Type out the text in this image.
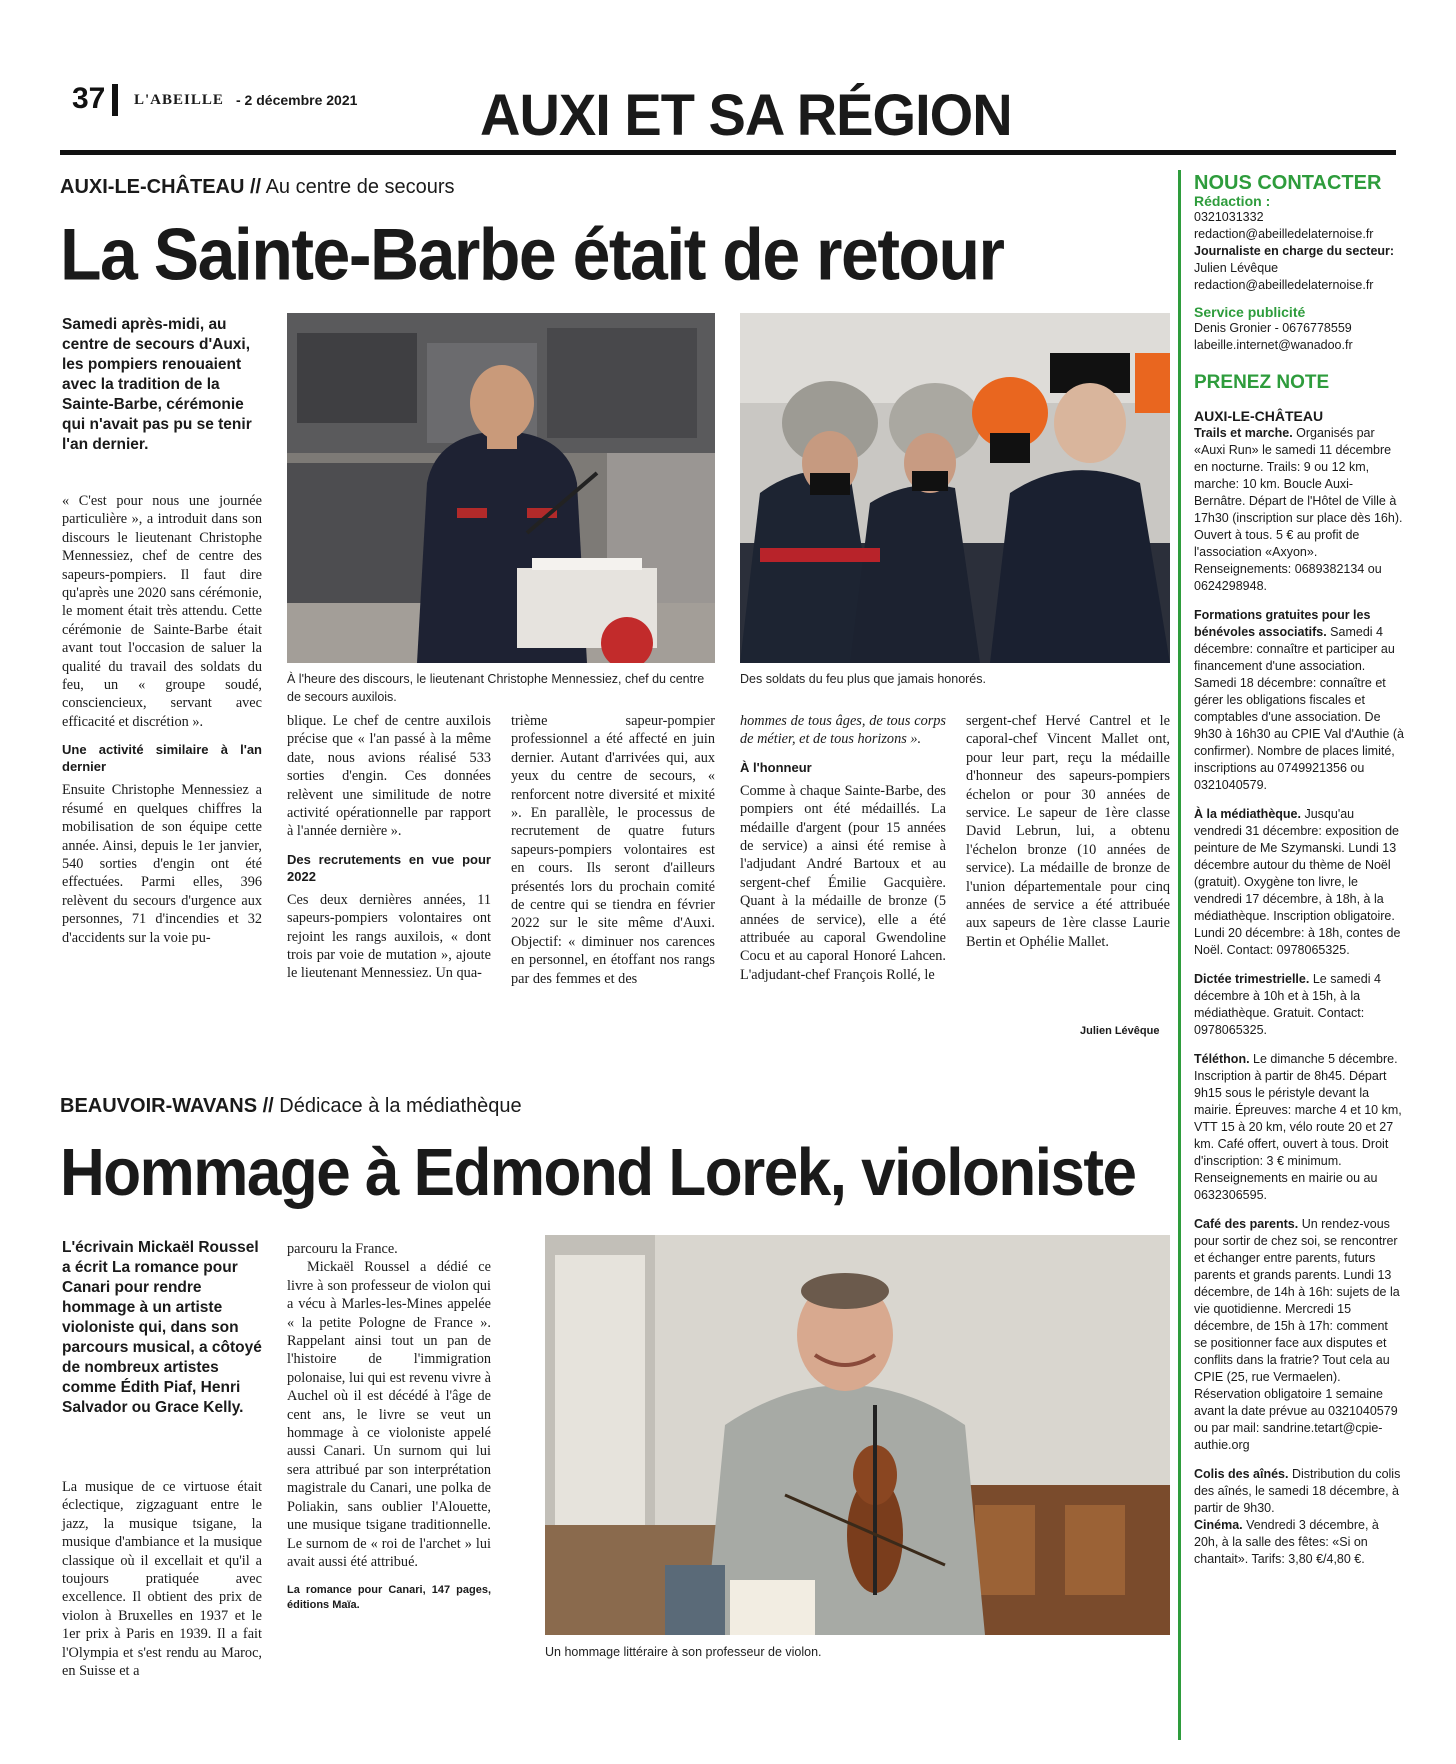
37 L'ABEILLE - 2 décembre 2021 AUXI ET SA RÉGION
AUXI-LE-CHÂTEAU // Au centre de secours
La Sainte-Barbe était de retour
Samedi après-midi, au centre de secours d'Auxi, les pompiers renouaient avec la tradition de la Sainte-Barbe, cérémonie qui n'avait pas pu se tenir l'an dernier.

« C'est pour nous une journée particulière », a introduit dans son discours le lieutenant Christophe Mennessiez, chef de centre des sapeurs-pompiers. Il faut dire qu'après une 2020 sans cérémonie, le moment était très attendu. Cette cérémonie de Sainte-Barbe était avant tout l'occasion de saluer la qualité du travail des soldats du feu, un « groupe soudé, consciencieux, servant avec efficacité et discrétion ».

Une activité similaire à l'an dernier

Ensuite Christophe Mennessiez a résumé en quelques chiffres la mobilisation de son équipe cette année. Ainsi, depuis le 1er janvier, 540 sorties d'engin ont été effectuées. Parmi elles, 396 relèvent du secours d'urgence aux personnes, 71 d'incendies et 32 d'accidents sur la voie pu-

À l'heure des discours, le lieutenant Christophe Mennessiez, chef du centre de secours auxilois.
Des soldats du feu plus que jamais honorés.

blique. Le chef de centre auxilois précise que « l'an passé à la même date, nous avions réalisé 533 sorties d'engin. Ces données relèvent une similitude de notre activité opérationnelle par rapport à l'année dernière ».

Des recrutements en vue pour 2022

Ces deux dernières années, 11 sapeurs-pompiers volontaires ont rejoint les rangs auxilois, « dont trois par voie de mutation », ajoute le lieutenant Mennessiez. Un qua-

trième sapeur-pompier professionnel a été affecté en juin dernier. Autant d'arrivées qui, aux yeux du centre de secours, « renforcent notre diversité et mixité ». En parallèle, le processus de recrutement de quatre futurs sapeurs-pompiers volontaires est en cours. Ils seront d'ailleurs présentés lors du prochain comité de centre qui se tiendra en février 2022 sur le site même d'Auxi. Objectif: « diminuer nos carences en personnel, en étoffant nos rangs par des femmes et des

hommes de tous âges, de tous corps de métier, et de tous horizons ».

À l'honneur

Comme à chaque Sainte-Barbe, des pompiers ont été médaillés. La médaille d'argent (pour 15 années de service) a ainsi été remise à l'adjudant André Bartoux et au sergent-chef Émilie Gacquière. Quant à la médaille de bronze (5 années de service), elle a été attribuée au caporal Gwendoline Cocu et au caporal Honoré Lahcen. L'adjudant-chef François Rollé, le

sergent-chef Hervé Cantrel et le caporal-chef Vincent Mallet ont, pour leur part, reçu la médaille d'honneur des sapeurs-pompiers échelon or pour 30 années de service. Le sapeur de 1ère classe David Lebrun, lui, a obtenu l'échelon bronze (10 années de service). La médaille de bronze de l'union départementale pour cinq années de service a été attribuée aux sapeurs de 1ère classe Laurie Bertin et Ophélie Mallet.

Julien Lévêque
BEAUVOIR-WAVANS // Dédicace à la médiathèque
Hommage à Edmond Lorek, violoniste
L'écrivain Mickaël Roussel a écrit La romance pour Canari pour rendre hommage à un artiste violoniste qui, dans son parcours musical, a côtoyé de nombreux artistes comme Édith Piaf, Henri Salvador ou Grace Kelly.

La musique de ce virtuose était éclectique, zigzaguant entre le jazz, la musique tsigane, la musique d'ambiance et la musique classique où il excellait et qu'il a toujours pratiquée avec excellence. Il obtient des prix de violon à Bruxelles en 1937 et le 1er prix à Paris en 1939. Il a fait l'Olympia et s'est rendu au Maroc, en Suisse et a

parcouru la France.

Mickaël Roussel a dédié ce livre à son professeur de violon qui a vécu à Marles-les-Mines appelée « la petite Pologne de France ». Rappelant ainsi tout un pan de l'histoire de l'immigration polonaise, lui qui est revenu vivre à Auchel où il est décédé à l'âge de cent ans, le livre se veut un hommage à ce violoniste appelé aussi Canari. Un surnom qui lui sera attribué par son interprétation magistrale du Canari, une polka de Poliakin, sans oublier l'Alouette, une musique tsigane traditionnelle. Le surnom de « roi de l'archet » lui avait aussi été attribué.

La romance pour Canari, 147 pages, éditions Maïa.
Un hommage littéraire à son professeur de violon.
NOUS CONTACTER
Rédaction :
0321031332
redaction@abeilledelaternoise.fr
Journaliste en charge du secteur:
Julien Lévêque
redaction@abeilledelaternoise.fr
Service publicité
Denis Gronier - 0676778559
labeille.internet@wanadoo.fr
PRENEZ NOTE
AUXI-LE-CHÂTEAU

Trails et marche. Organisés par «Auxi Run» le samedi 11 décembre en nocturne. Trails: 9 ou 12 km, marche: 10 km. Boucle Auxi-Bernâtre. Départ de l'Hôtel de Ville à 17h30 (inscription sur place dès 16h). Ouvert à tous. 5 € au profit de l'association «Axyon». Renseignements: 0689382134 ou 0624298948.

Formations gratuites pour les bénévoles associatifs. Samedi 4 décembre: connaître et participer au financement d'une association. Samedi 18 décembre: connaître et gérer les obligations fiscales et comptables d'une association. De 9h30 à 16h30 au CPIE Val d'Authie (à confirmer). Nombre de places limité, inscriptions au 0749921356 ou 0321040579.

À la médiathèque. Jusqu'au vendredi 31 décembre: exposition de peinture de Me Szymanski. Lundi 13 décembre autour du thème de Noël (gratuit). Oxygène ton livre, le vendredi 17 décembre, à 18h, à la médiathèque. Inscription obligatoire. Lundi 20 décembre: à 18h, contes de Noël. Contact: 0978065325.

Dictée trimestrielle. Le samedi 4 décembre à 10h et à 15h, à la médiathèque. Gratuit. Contact: 0978065325.

Téléthon. Le dimanche 5 décembre. Inscription à partir de 8h45. Départ 9h15 sous le péristyle devant la mairie. Épreuves: marche 4 et 10 km, VTT 15 à 20 km, vélo route 20 et 27 km. Café offert, ouvert à tous. Droit d'inscription: 3 € minimum. Renseignements en mairie ou au 0632306595.

Café des parents. Un rendez-vous pour sortir de chez soi, se rencontrer et échanger entre parents, futurs parents et grands parents. Lundi 13 décembre, de 14h à 16h: sujets de la vie quotidienne. Mercredi 15 décembre, de 15h à 17h: comment se positionner face aux disputes et conflits dans la fratrie? Tout cela au CPIE (25, rue Vermaelen). Réservation obligatoire 1 semaine avant la date prévue au 0321040579 ou par mail: sandrine.tetart@cpie-authie.org

Colis des aînés. Distribution du colis des aînés, le samedi 18 décembre, à partir de 9h30.

Cinéma. Vendredi 3 décembre, à 20h, à la salle des fêtes: «Si on chantait». Tarifs: 3,80 €/4,80 €.
